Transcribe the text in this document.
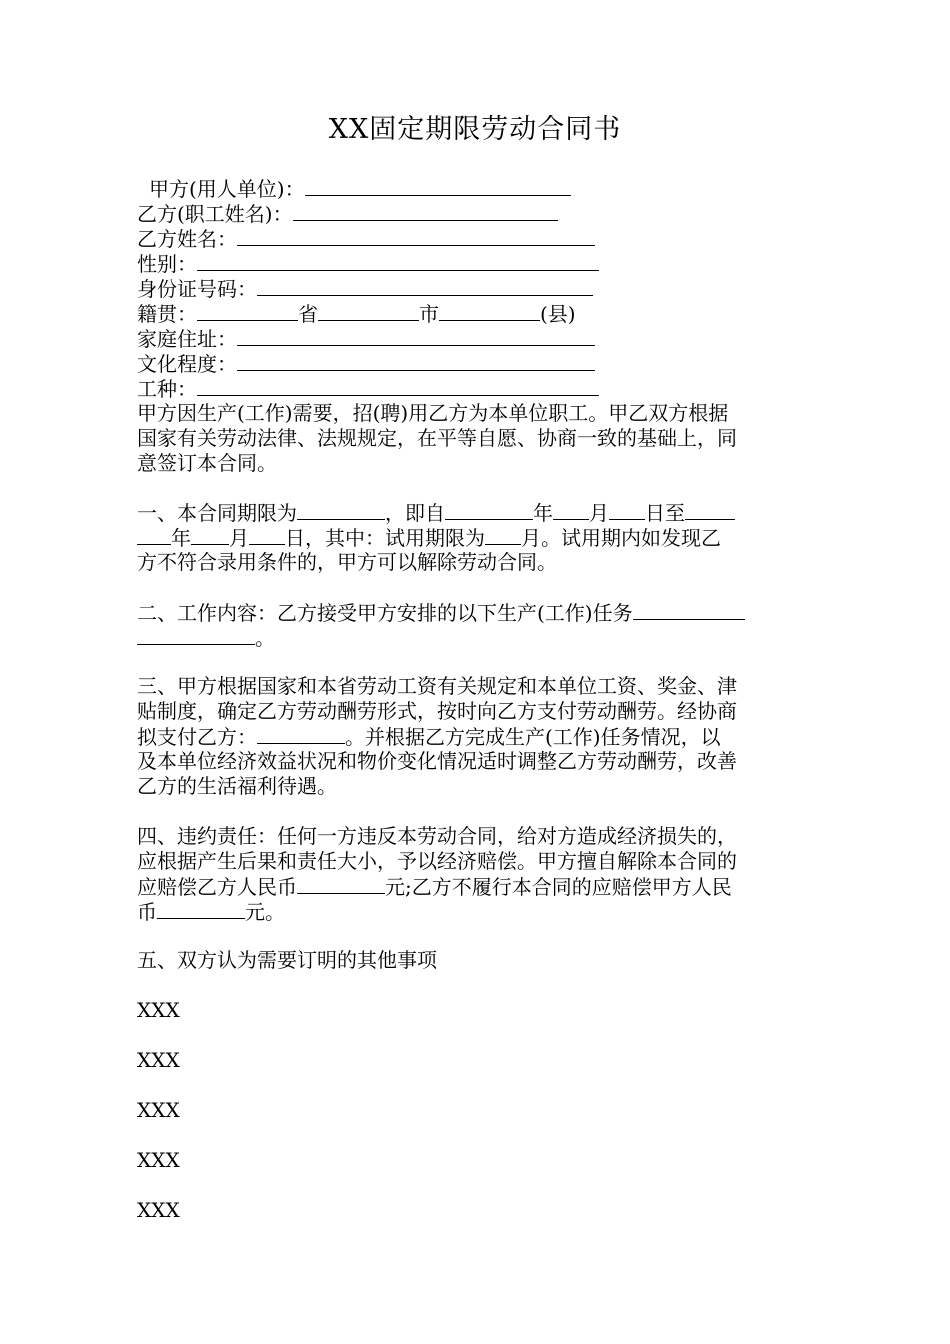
XX固定期限劳动合同书
甲方(用人单位)：
乙方(职工姓名)：
乙方姓名：
性别：
身份证号码：
籍贯：	省	市	(县)
家庭住址：
文化程度：
工种：
甲方因生产(工作)需要，招(聘)用乙方为本单位职工。甲乙双方根据
国家有关劳动法律、法规规定，在平等自愿、协商一致的基础上，同
意签订本合同。
一、本合同期限为	，即自	年 月 日至
年 月 日，其中：试用期限为 月。试用期内如发现乙
方不符合录用条件的，甲方可以解除劳动合同。
二、工作内容：乙方接受甲方安排的以下生产(工作)任务
。
三、甲方根据国家和本省劳动工资有关规定和本单位工资、奖金、津
贴制度，确定乙方劳动酬劳形式，按时向乙方支付劳动酬劳。经协商
拟支付乙方：	。并根据乙方完成生产(工作)任务情况，以
及本单位经济效益状况和物价变化情况适时调整乙方劳动酬劳，改善
乙方的生活福利待遇。
四、违约责任：任何一方违反本劳动合同，给对方造成经济损失的，
应根据产生后果和责任大小，予以经济赔偿。甲方擅自解除本合同的
应赔偿乙方人民币	元;乙方不履行本合同的应赔偿甲方人民
币	元。
五、双方认为需要订明的其他事项
XXX
XXX
XXX
XXX
XXX
